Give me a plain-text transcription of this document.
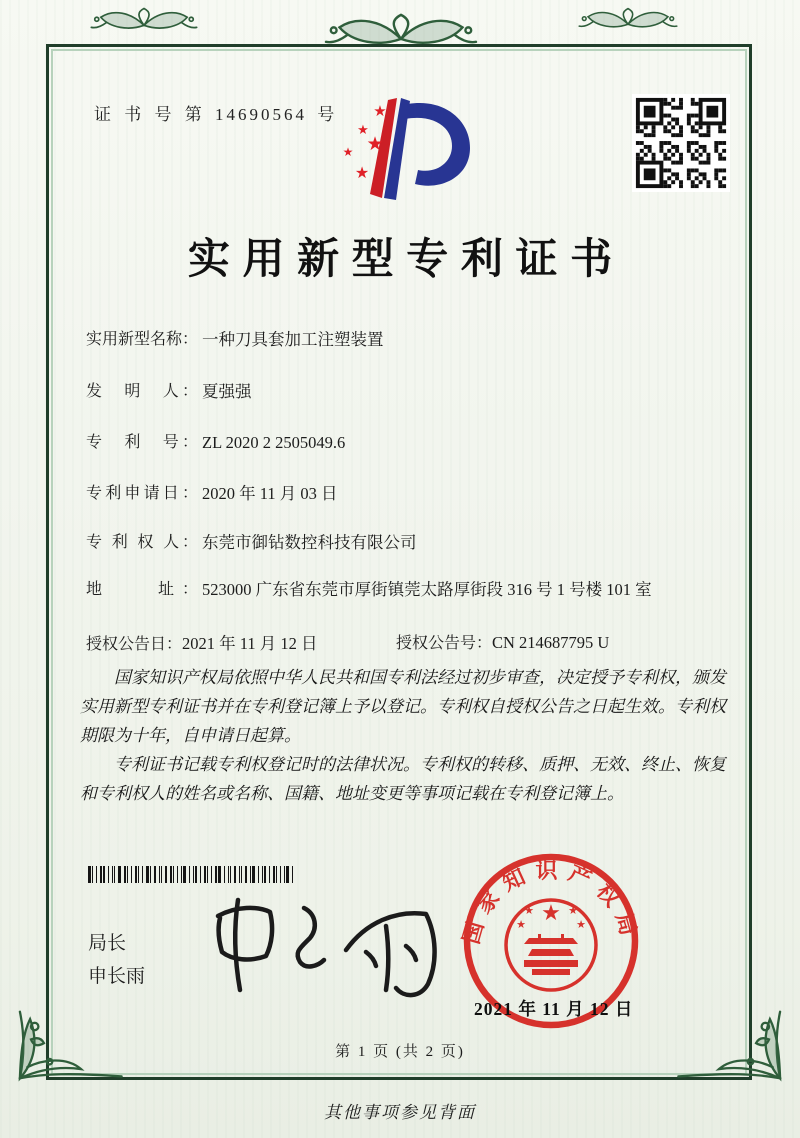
证 书 号 第 14690564 号 ★
★
★
★
★
实用新型专利证书
实用新型名称： 一种刀具套加工注塑装置
发　明　人： 夏强强
专　利　号： ZL 2020 2 2505049.6
专利申请日： 2020 年 11 月 03 日
专 利 权 人： 东莞市御钻数控科技有限公司
地　　址： 523000 广东省东莞市厚街镇莞太路厚街段 316 号 1 号楼 101 室
授权公告日：2021 年 11 月 12 日	授权公告号：CN 214687795 U

国家知识产权局依照中华人民共和国专利法经过初步审查，决定授予专利权，颁发实用新型专利证书并在专利登记簿上予以登记。专利权自授权公告之日起生效。专利权期限为十年，自申请日起算。

专利证书记载专利权登记时的法律状况。专利权的转移、质押、无效、终止、恢复和专利权人的姓名或名称、国籍、地址变更等事项记载在专利登记簿上。

局长
申长雨
国家知识产权局
★
★	★
★	★
2021 年 11 月 12 日
第 1 页 (共 2 页)
其他事项参见背面
